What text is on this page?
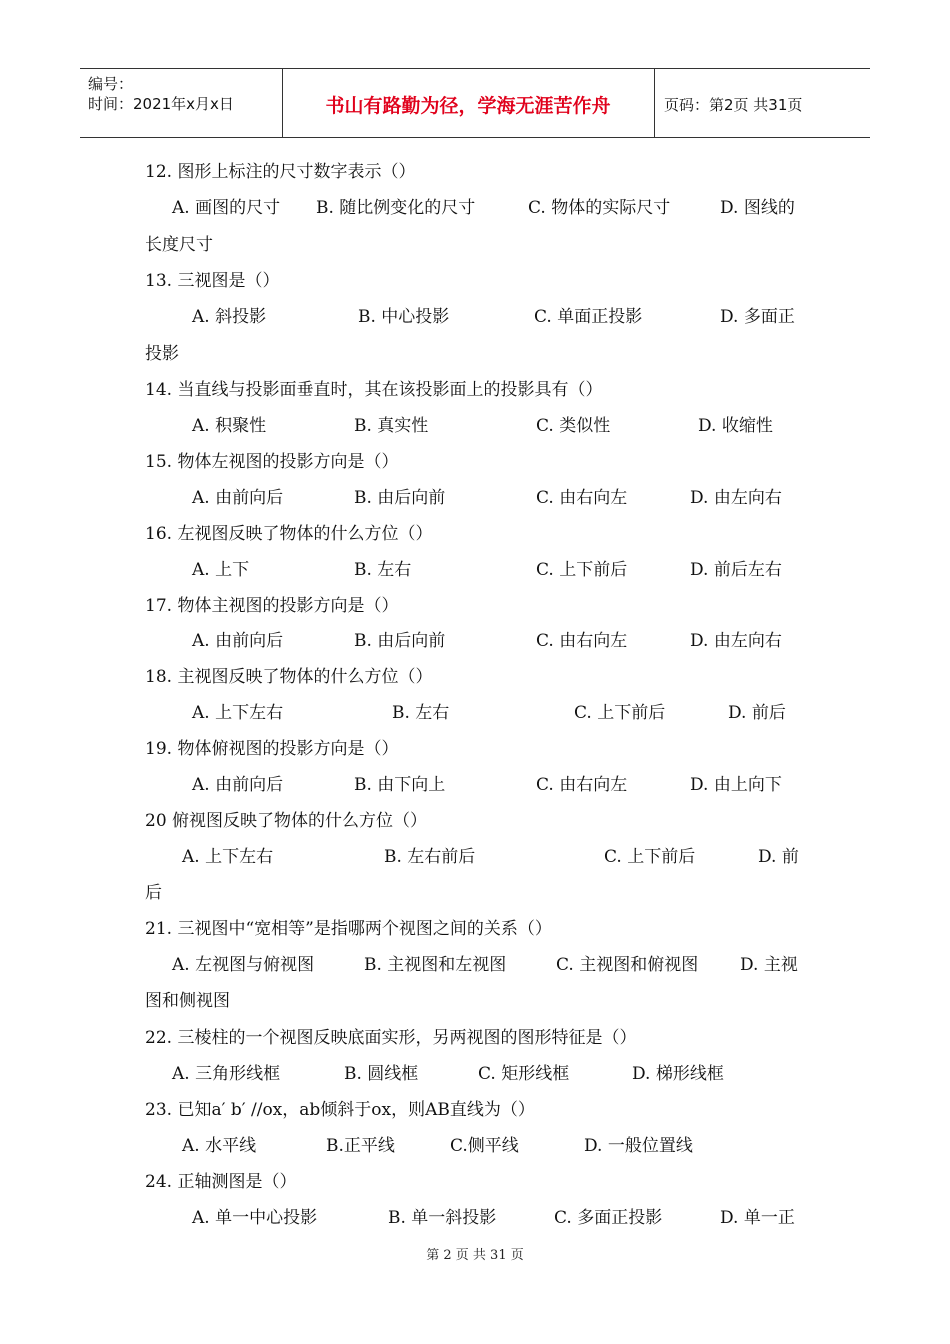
编号：
时间：2021年x月x日	书山有路勤为径，学海无涯苦作舟	页码：第2页 共31页
12. 图形上标注的尺寸数字表示（）
A. 画图的尺寸 B. 随比例变化的尺寸	C. 物体的实际尺寸	D. 图线的
长度尺寸
13. 三视图是（）
A. 斜投影	B. 中心投影	C. 单面正投影	D. 多面正
投影
14. 当直线与投影面垂直时，其在该投影面上的投影具有（）
A. 积聚性	B. 真实性	C. 类似性	D. 收缩性
15. 物体左视图的投影方向是（）
A. 由前向后	B. 由后向前	C. 由右向左	D. 由左向右
16. 左视图反映了物体的什么方位（）
A. 上下	B. 左右	C. 上下前后	D. 前后左右
17. 物体主视图的投影方向是（）
A. 由前向后	B. 由后向前	C. 由右向左	D. 由左向右
18. 主视图反映了物体的什么方位（）
A. 上下左右	B. 左右	C. 上下前后	D. 前后
19. 物体俯视图的投影方向是（）
A. 由前向后	B. 由下向上	C. 由右向左	D. 由上向下
20 俯视图反映了物体的什么方位（）
A. 上下左右	B. 左右前后	C. 上下前后	D. 前
后
21. 三视图中“宽相等”是指哪两个视图之间的关系（）
A. 左视图与俯视图	B. 主视图和左视图	C. 主视图和俯视图 D. 主视
图和侧视图
22. 三棱柱的一个视图反映底面实形，另两视图的图形特征是（）
A. 三角形线框	B. 圆线框	C. 矩形线框	D. 梯形线框
23. 已知a′ b′ //ox，ab倾斜于ox，则AB直线为（）
A. 水平线	B.正平线	C.侧平线	D. 一般位置线
24. 正轴测图是（）
A. 单一中心投影	B. 单一斜投影	C. 多面正投影	D. 单一正
第 2 页 共 31 页
